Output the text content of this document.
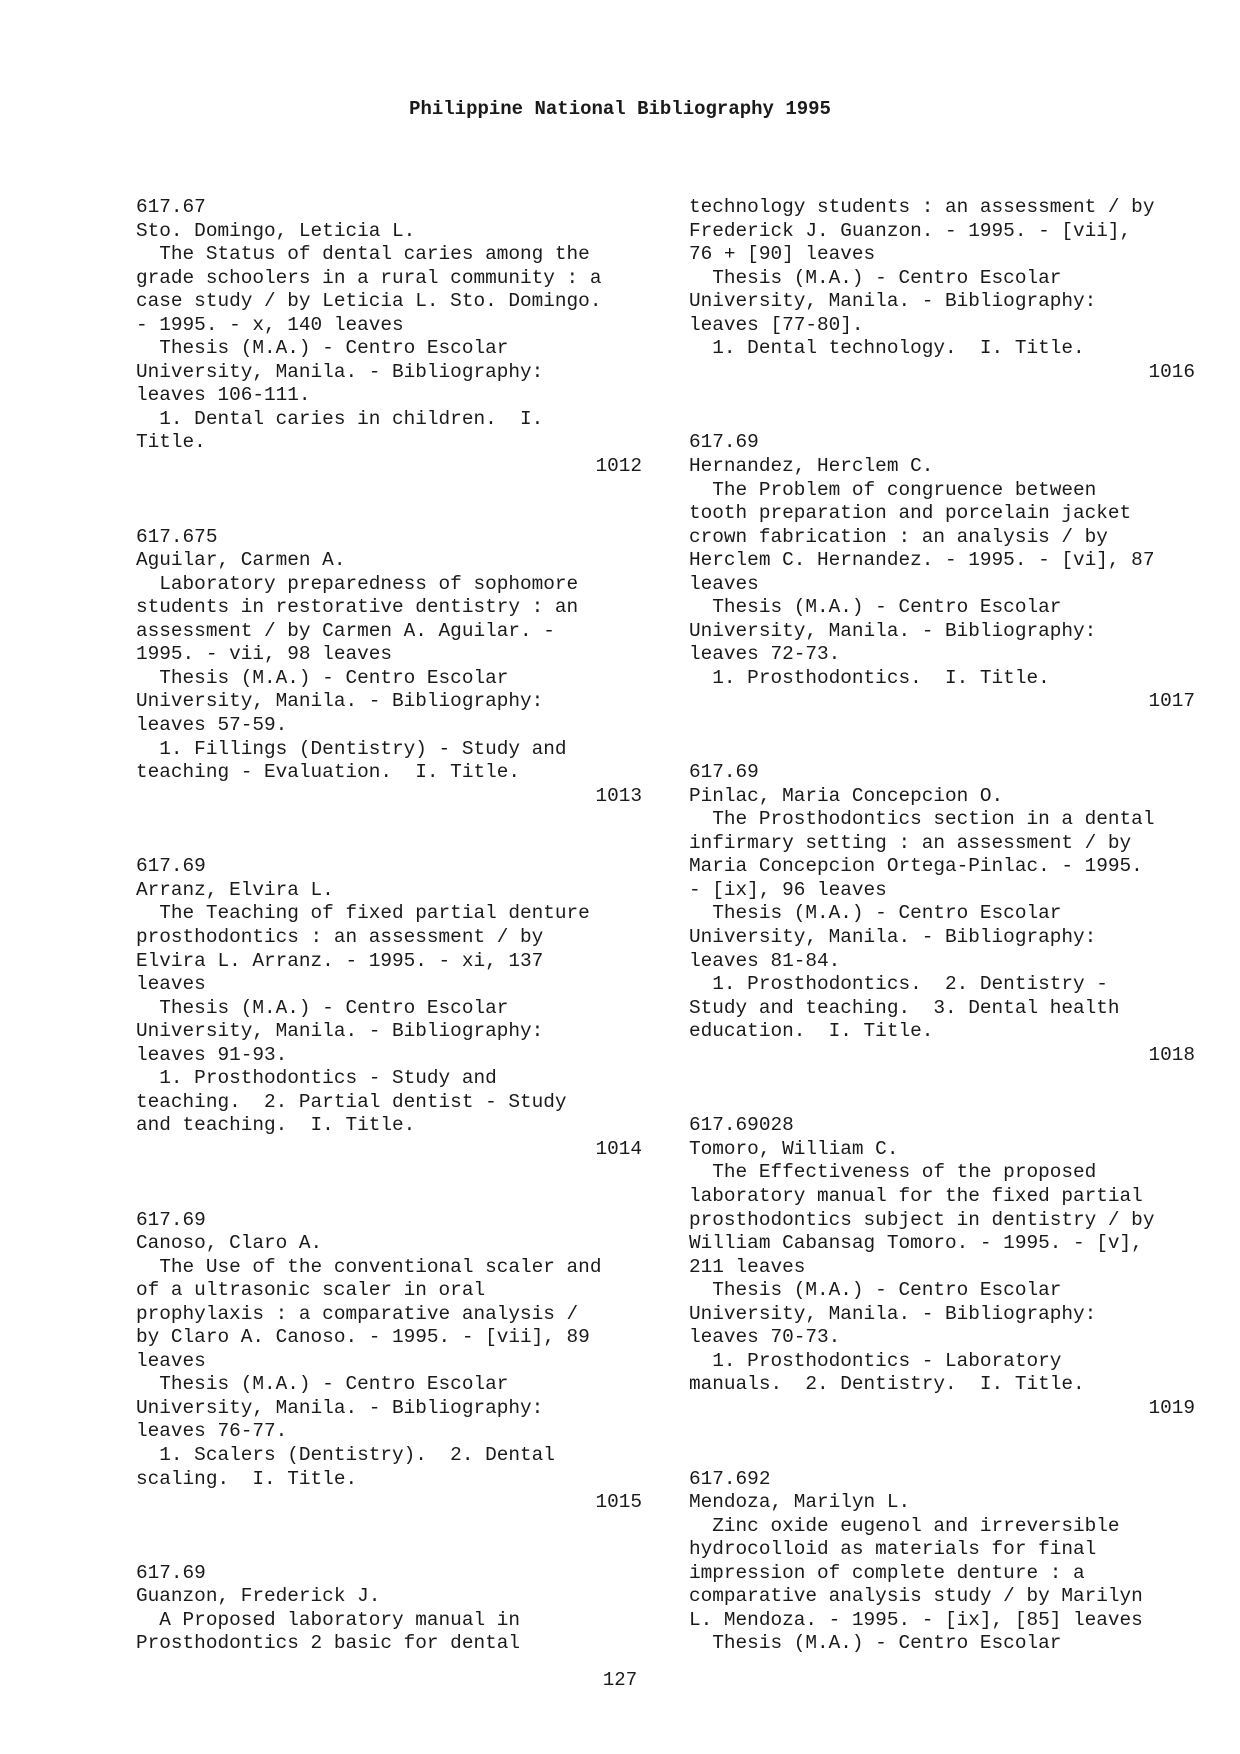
Philippine National Bibliography 1995
617.67
Sto. Domingo, Leticia L.
The Status of dental caries among the
grade schoolers in a rural community : a
case study / by Leticia L. Sto. Domingo.
- 1995. - x, 140 leaves
Thesis (M.A.) - Centro Escolar
University, Manila. - Bibliography:
leaves 106-111.
1. Dental caries in children.  I.
Title.
1012
617.675
Aguilar, Carmen A.
Laboratory preparedness of sophomore
students in restorative dentistry : an
assessment / by Carmen A. Aguilar. -
1995. - vii, 98 leaves
Thesis (M.A.) - Centro Escolar
University, Manila. - Bibliography:
leaves 57-59.
1. Fillings (Dentistry) - Study and
teaching - Evaluation.  I. Title.
1013
617.69
Arranz, Elvira L.
The Teaching of fixed partial denture
prosthodontics : an assessment / by
Elvira L. Arranz. - 1995. - xi, 137
leaves
Thesis (M.A.) - Centro Escolar
University, Manila. - Bibliography:
leaves 91-93.
1. Prosthodontics - Study and
teaching.  2. Partial dentist - Study
and teaching.  I. Title.
1014
617.69
Canoso, Claro A.
The Use of the conventional scaler and
of a ultrasonic scaler in oral
prophylaxis : a comparative analysis /
by Claro A. Canoso. - 1995. - [vii], 89
leaves
Thesis (M.A.) - Centro Escolar
University, Manila. - Bibliography:
leaves 76-77.
1. Scalers (Dentistry).  2. Dental
scaling.  I. Title.
1015
617.69
Guanzon, Frederick J.
A Proposed laboratory manual in
Prosthodontics 2 basic for dental
technology students : an assessment / by
Frederick J. Guanzon. - 1995. - [vii],
76 + [90] leaves
Thesis (M.A.) - Centro Escolar
University, Manila. - Bibliography:
leaves [77-80].
1. Dental technology.  I. Title.
1016
617.69
Hernandez, Herclem C.
The Problem of congruence between
tooth preparation and porcelain jacket
crown fabrication : an analysis / by
Herclem C. Hernandez. - 1995. - [vi], 87
leaves
Thesis (M.A.) - Centro Escolar
University, Manila. - Bibliography:
leaves 72-73.
1. Prosthodontics.  I. Title.
1017
617.69
Pinlac, Maria Concepcion O.
The Prosthodontics section in a dental
infirmary setting : an assessment / by
Maria Concepcion Ortega-Pinlac. - 1995.
- [ix], 96 leaves
Thesis (M.A.) - Centro Escolar
University, Manila. - Bibliography:
leaves 81-84.
1. Prosthodontics.  2. Dentistry -
Study and teaching.  3. Dental health
education.  I. Title.
1018
617.69028
Tomoro, William C.
The Effectiveness of the proposed
laboratory manual for the fixed partial
prosthodontics subject in dentistry / by
William Cabansag Tomoro. - 1995. - [v],
211 leaves
Thesis (M.A.) - Centro Escolar
University, Manila. - Bibliography:
leaves 70-73.
1. Prosthodontics - Laboratory
manuals.  2. Dentistry.  I. Title.
1019
617.692
Mendoza, Marilyn L.
Zinc oxide eugenol and irreversible
hydrocolloid as materials for final
impression of complete denture : a
comparative analysis study / by Marilyn
L. Mendoza. - 1995. - [ix], [85] leaves
Thesis (M.A.) - Centro Escolar
127
